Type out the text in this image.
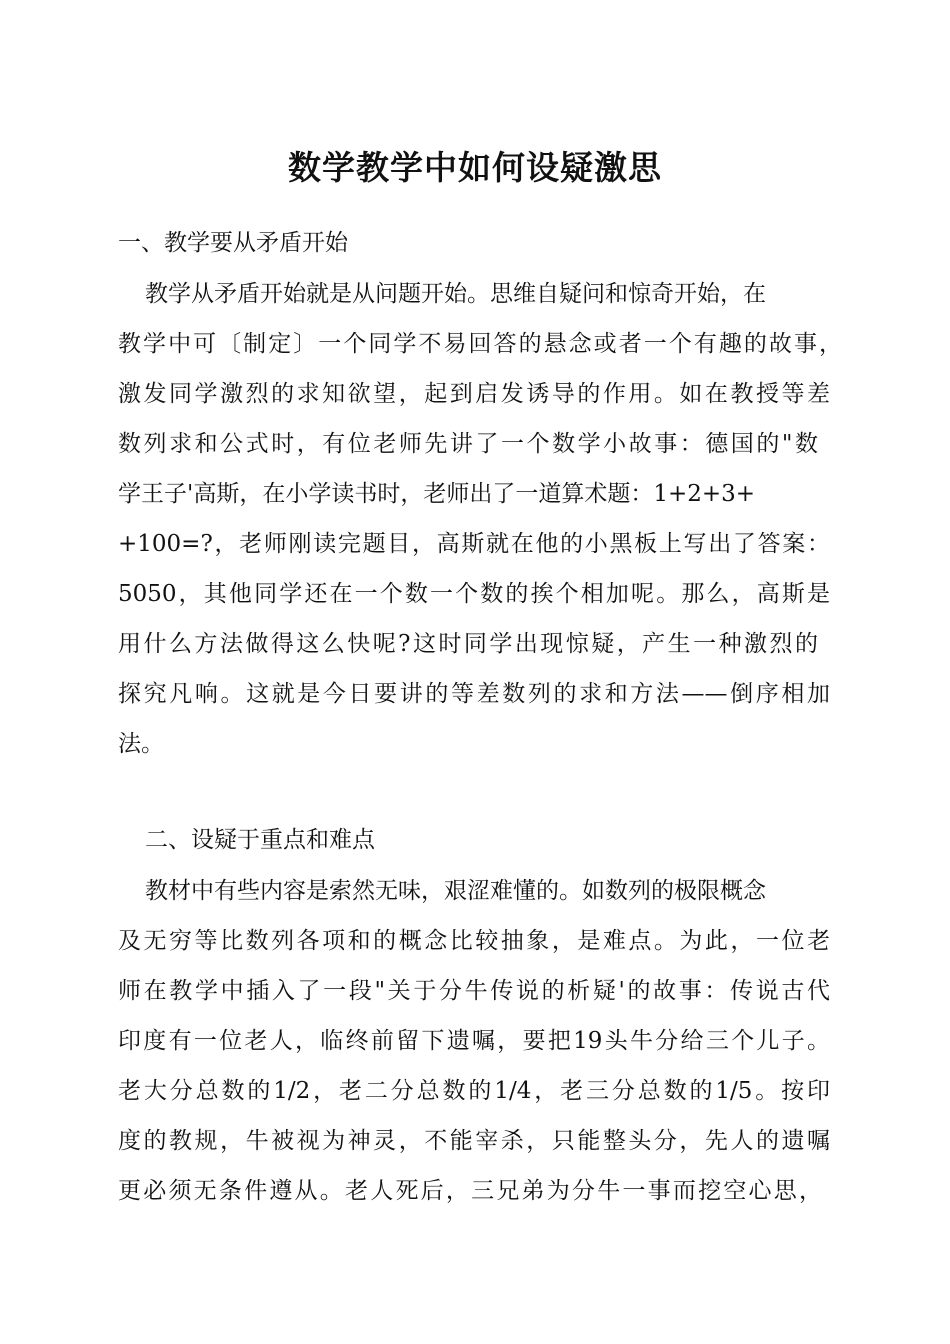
数学教学中如何设疑激思
一、教学要从矛盾开始
教学从矛盾开始就是从问题开始。思维自疑问和惊奇开始，在
教学中可〔制定〕一个同学不易回答的悬念或者一个有趣的故事，
激发同学激烈的求知欲望，起到启发诱导的作用。如在教授等差
数列求和公式时，有位老师先讲了一个数学小故事：德国的"数
学王子'高斯，在小学读书时，老师出了一道算术题：1+2+3+
+100=?，老师刚读完题目，高斯就在他的小黑板上写出了答案：
5050，其他同学还在一个数一个数的挨个相加呢。那么，高斯是
用什么方法做得这么快呢?这时同学出现惊疑，产生一种激烈的
探究凡响。这就是今日要讲的等差数列的求和方法——倒序相加
法。
二、设疑于重点和难点
教材中有些内容是索然无味，艰涩难懂的。如数列的极限概念
及无穷等比数列各项和的概念比较抽象，是难点。为此，一位老
师在教学中插入了一段"关于分牛传说的析疑'的故事：传说古代
印度有一位老人，临终前留下遗嘱，要把19头牛分给三个儿子。
老大分总数的1/2，老二分总数的1/4，老三分总数的1/5。按印
度的教规，牛被视为神灵，不能宰杀，只能整头分，先人的遗嘱
更必须无条件遵从。老人死后，三兄弟为分牛一事而挖空心思，
